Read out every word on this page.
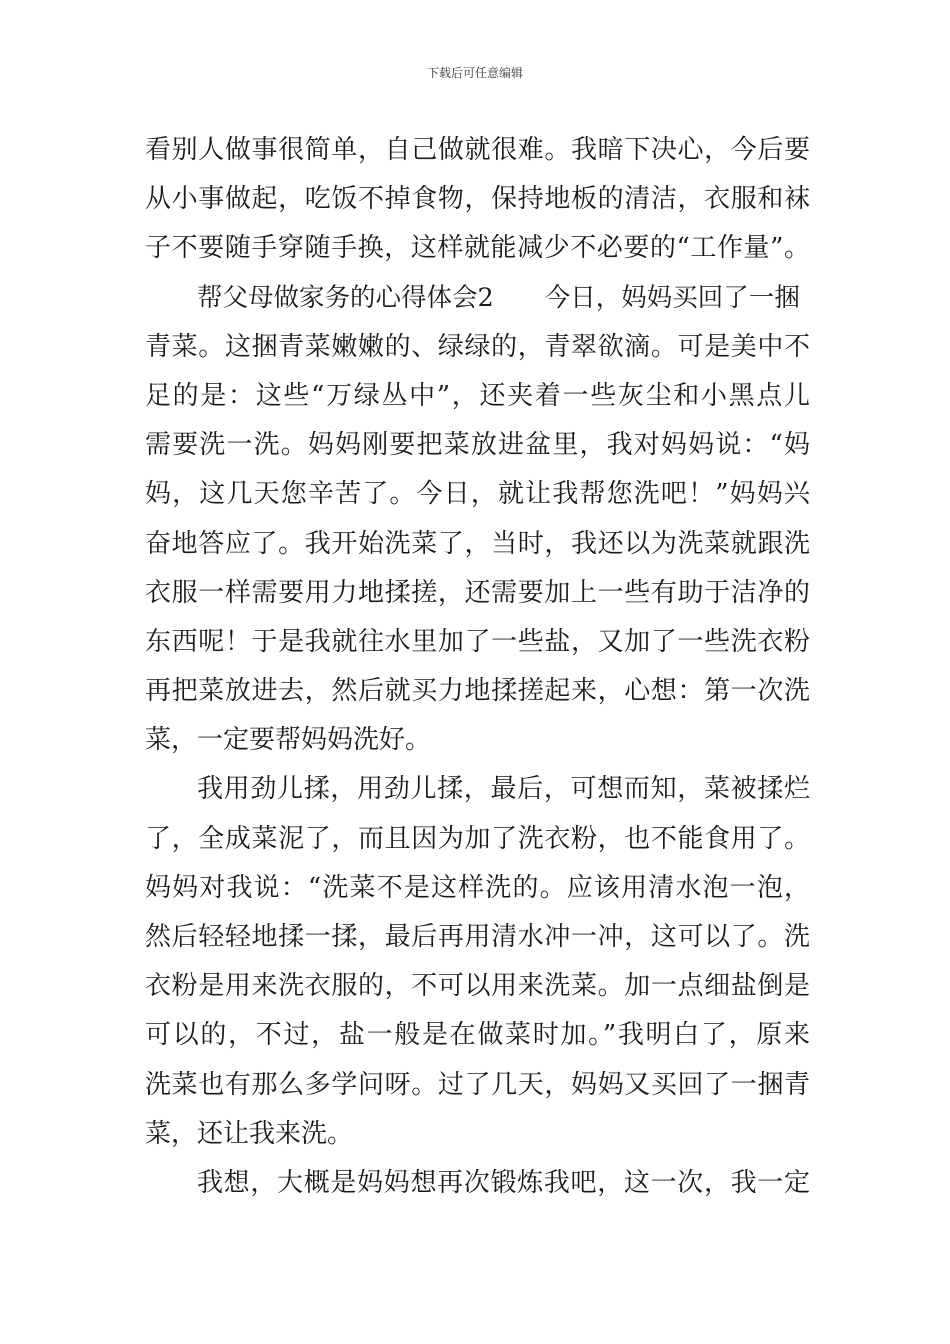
下载后可任意编辑
看别人做事很简单，自己做就很难。我暗下决心，今后要
从小事做起，吃饭不掉食物，保持地板的清洁，衣服和袜
子不要随手穿随手换，这样就能减少不必要的“工作量”。
帮父母做家务的心得体会2　　今日，妈妈买回了一捆
青菜。这捆青菜嫩嫩的、绿绿的，青翠欲滴。可是美中不
足的是：这些“万绿丛中”，还夹着一些灰尘和小黑点儿
需要洗一洗。妈妈刚要把菜放进盆里，我对妈妈说：“妈
妈，这几天您辛苦了。今日，就让我帮您洗吧！”妈妈兴
奋地答应了。我开始洗菜了，当时，我还以为洗菜就跟洗
衣服一样需要用力地揉搓，还需要加上一些有助于洁净的
东西呢！于是我就往水里加了一些盐，又加了一些洗衣粉
再把菜放进去，然后就买力地揉搓起来，心想：第一次洗
菜，一定要帮妈妈洗好。
我用劲儿揉，用劲儿揉，最后，可想而知，菜被揉烂
了，全成菜泥了，而且因为加了洗衣粉，也不能食用了。
妈妈对我说：“洗菜不是这样洗的。应该用清水泡一泡，
然后轻轻地揉一揉，最后再用清水冲一冲，这可以了。洗
衣粉是用来洗衣服的，不可以用来洗菜。加一点细盐倒是
可以的，不过，盐一般是在做菜时加。”我明白了，原来
洗菜也有那么多学问呀。过了几天，妈妈又买回了一捆青
菜，还让我来洗。
我想，大概是妈妈想再次锻炼我吧，这一次，我一定
